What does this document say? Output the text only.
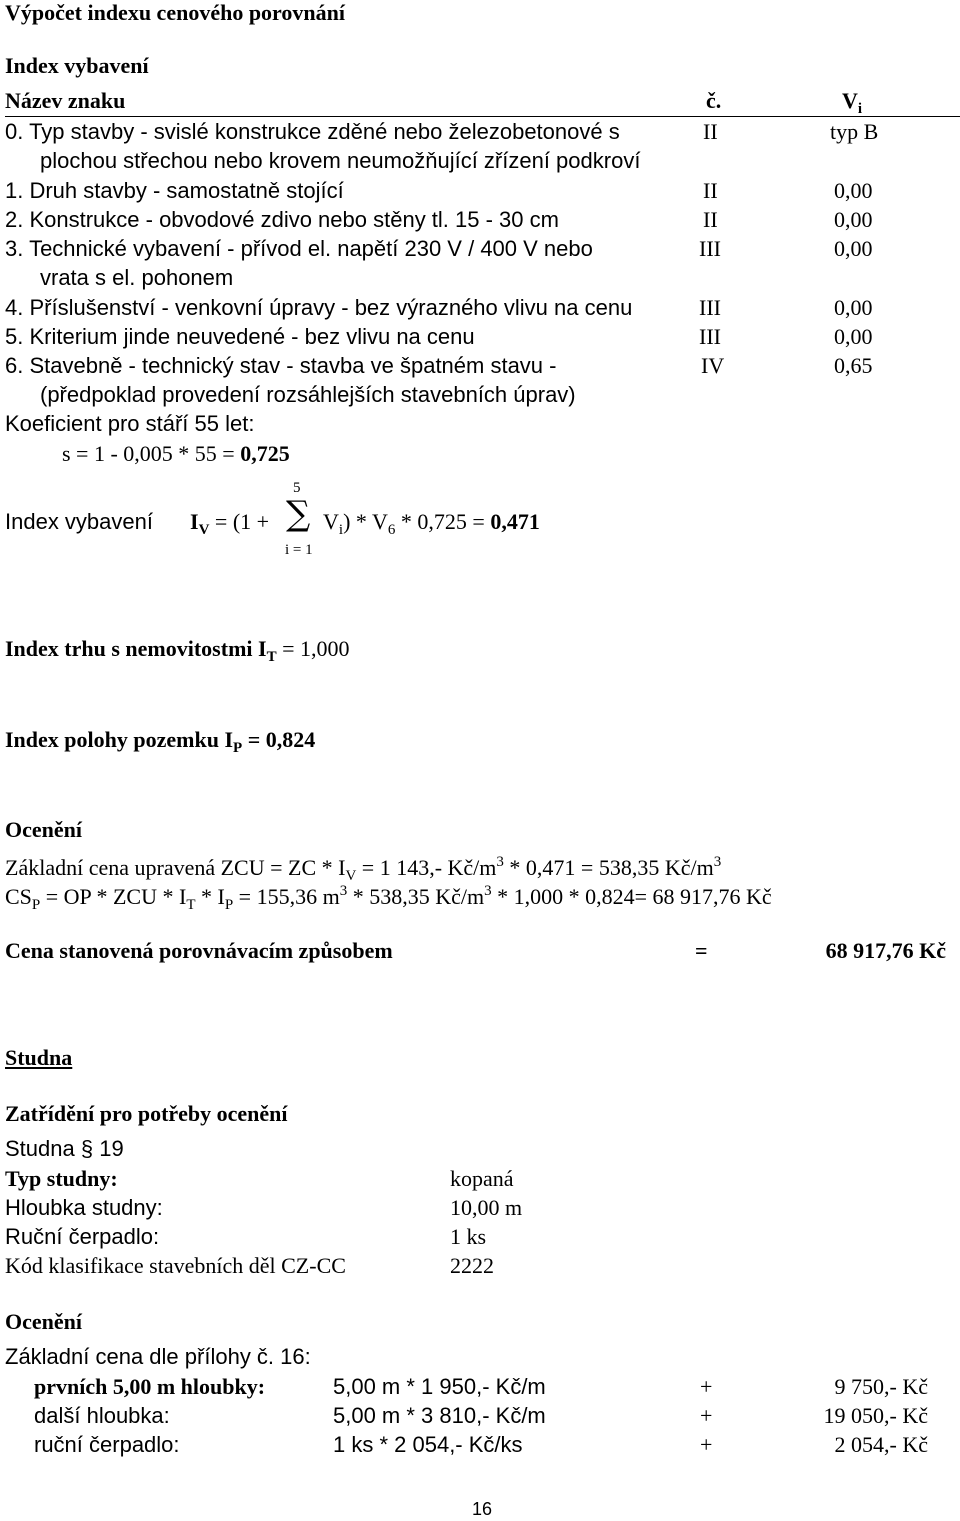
Výpočet indexu cenového porovnání
Index vybavení
Název znaku	č.	$V_i$
0. Typ stavby - svislé konstrukce zděné nebo železobetonové s
plochou střechou nebo krovem neumožňující zřízení podkroví
II	typ B
1. Druh stavby - samostatně stojící	II	0,00
2. Konstrukce - obvodové zdivo nebo stěny tl. 15 - 30 cm	II	0,00
3. Technické vybavení - přívod el. napětí 230 V / 400 V nebo
vrata s el. pohonem
III	0,00
4. Příslušenství - venkovní úpravy - bez výrazného vlivu na cenu	III	0,00
5. Kriterium jinde neuvedené - bez vlivu na cenu	III	0,00
6. Stavebně - technický stav - stavba ve špatném stavu -
(předpoklad provedení rozsáhlejších stavebních úprav)
IV	0,65
Koeficient pro stáří 55 let:
s = 1 - 0,005 * 55 = 0,725
Index vybavení
5
∑
i = 1
$I_V = (1 + V_i) * V_6 * 0,725 = 0,471$
Index trhu s nemovitostmi $I_T = 1,000$
Index polohy pozemku $I_P = 0,824$
Ocenění
Základní cena upravená ZCU = ZC * $I_V = 1$ 143,- $Kč/m^3 * 0,471 = 538,35$ $Kč/m^3$
$CS_P$ = OP * ZCU * $I_T * I_P = 155,36$ $m^3 * 538,35$ $Kč/m^3 * 1,000 * 0,824= 68$ 917,76 Kč
Cena stanovená porovnávacím způsobem	=	68 917,76 Kč
Studna
Zatřídění pro potřeby ocenění
Studna § 19
Typ studny:	kopaná
Hloubka studny:	10,00 m
Ruční čerpadlo:	1 ks
Kód klasifikace stavebních děl CZ-CC	2222
Ocenění
Základní cena dle přílohy č. 16:
prvních 5,00 m hloubky:	5,00 m * 1 950,- Kč/m	+	9 750,- Kč
další hloubka:	5,00 m * 3 810,- Kč/m	+	19 050,- Kč
ruční čerpadlo:	1 ks * 2 054,- Kč/ks	+	2 054,- Kč
16
